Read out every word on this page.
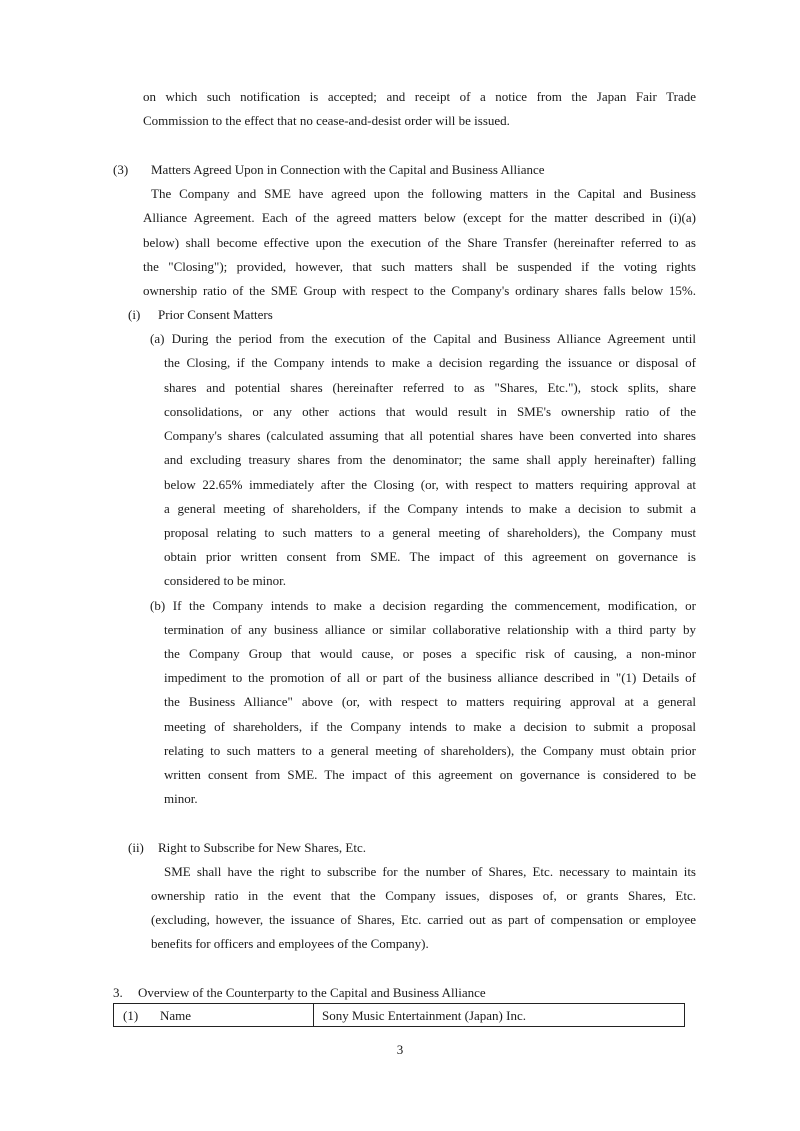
on which such notification is accepted; and receipt of a notice from the Japan Fair Trade
Commission to the effect that no cease-and-desist order will be issued.
(3) Matters Agreed Upon in Connection with the Capital and Business Alliance
The Company and SME have agreed upon the following matters in the Capital and Business
Alliance Agreement. Each of the agreed matters below (except for the matter described in (i)(a)
below) shall become effective upon the execution of the Share Transfer (hereinafter referred to as
the "Closing"); provided, however, that such matters shall be suspended if the voting rights
ownership ratio of the SME Group with respect to the Company's ordinary shares falls below 15%.
(i) Prior Consent Matters
(a) During the period from the execution of the Capital and Business Alliance Agreement until
the Closing, if the Company intends to make a decision regarding the issuance or disposal of
shares and potential shares (hereinafter referred to as "Shares, Etc."), stock splits, share
consolidations, or any other actions that would result in SME's ownership ratio of the
Company's shares (calculated assuming that all potential shares have been converted into shares
and excluding treasury shares from the denominator; the same shall apply hereinafter) falling
below 22.65% immediately after the Closing (or, with respect to matters requiring approval at
a general meeting of shareholders, if the Company intends to make a decision to submit a
proposal relating to such matters to a general meeting of shareholders), the Company must
obtain prior written consent from SME. The impact of this agreement on governance is
considered to be minor.
(b) If the Company intends to make a decision regarding the commencement, modification, or
termination of any business alliance or similar collaborative relationship with a third party by
the Company Group that would cause, or poses a specific risk of causing, a non-minor
impediment to the promotion of all or part of the business alliance described in "(1) Details of
the Business Alliance" above (or, with respect to matters requiring approval at a general
meeting of shareholders, if the Company intends to make a decision to submit a proposal
relating to such matters to a general meeting of shareholders), the Company must obtain prior
written consent from SME. The impact of this agreement on governance is considered to be
minor.
(ii) Right to Subscribe for New Shares, Etc.
SME shall have the right to subscribe for the number of Shares, Etc. necessary to maintain its
ownership ratio in the event that the Company issues, disposes of, or grants Shares, Etc.
(excluding, however, the issuance of Shares, Etc. carried out as part of compensation or employee
benefits for officers and employees of the Company).
3. Overview of the Counterparty to the Capital and Business Alliance
(1) Name	Sony Music Entertainment (Japan) Inc.
3
